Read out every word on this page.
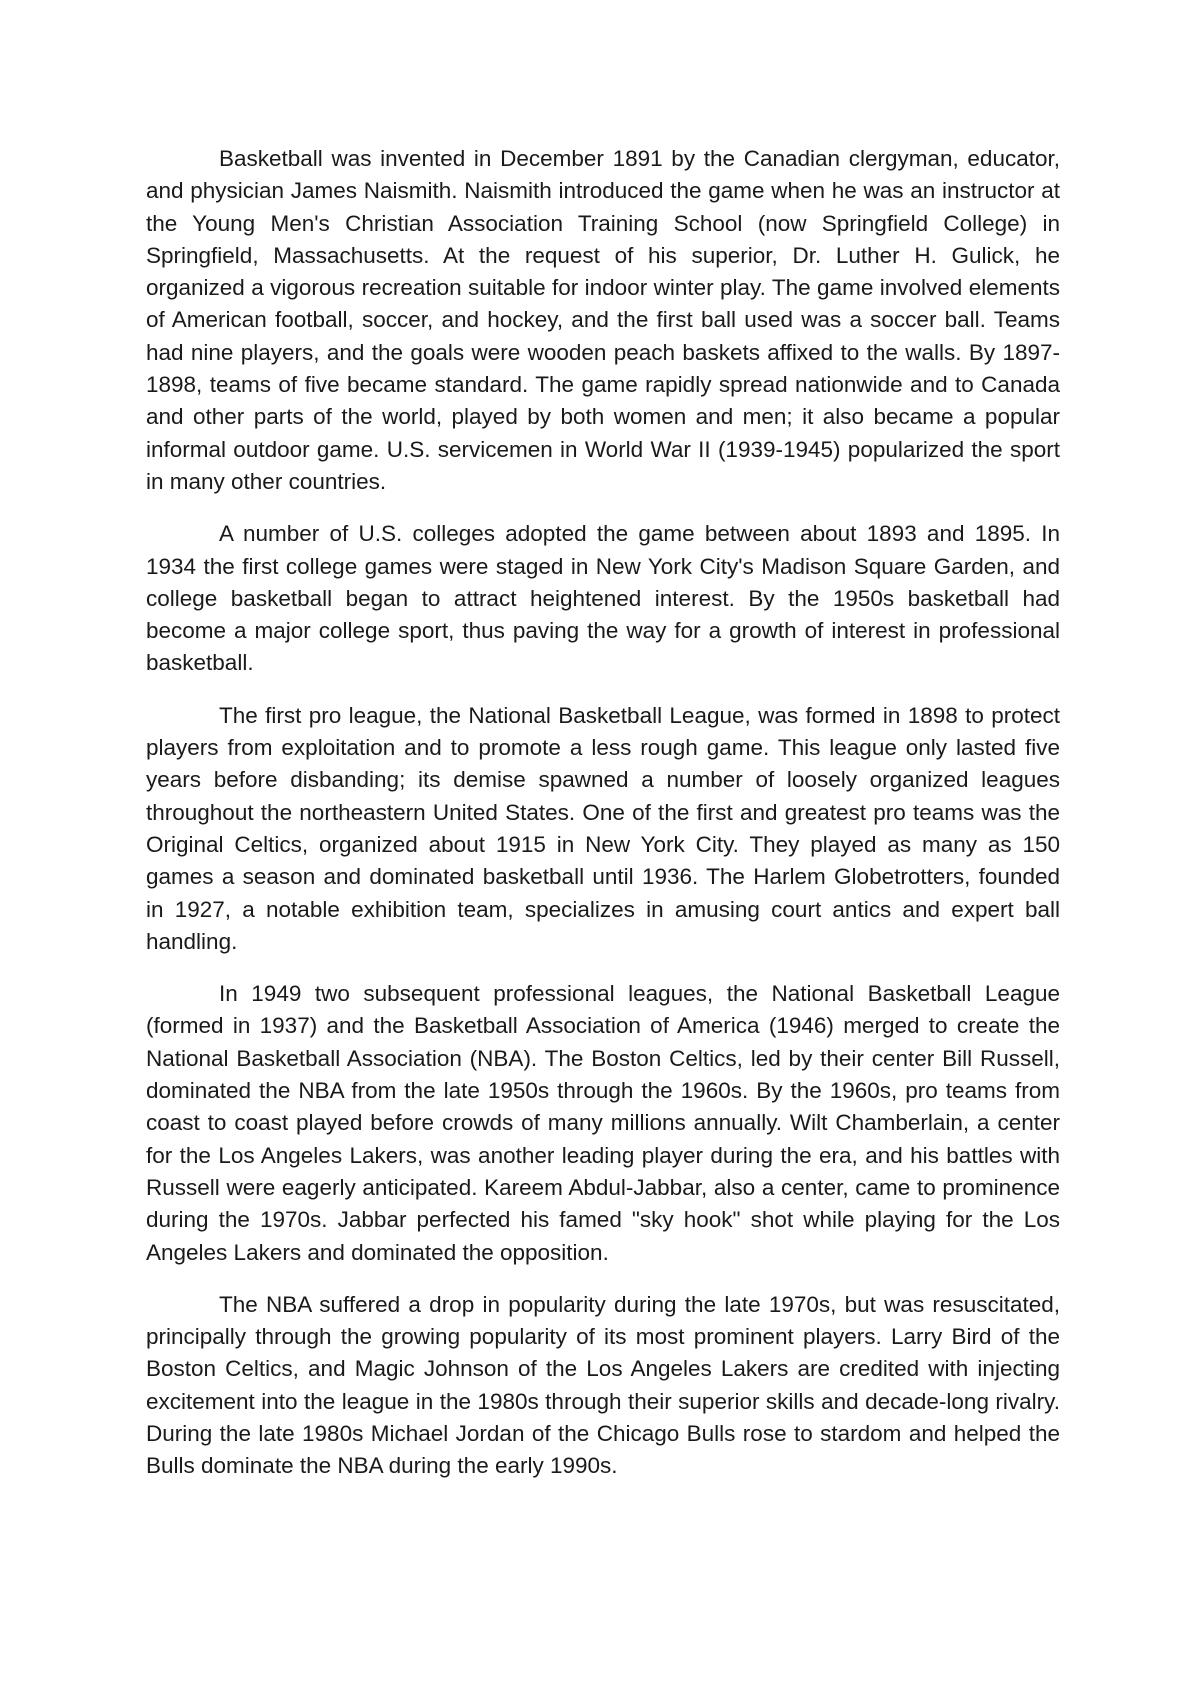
Basketball was invented in December 1891 by the Canadian clergyman, educator, and physician James Naismith. Naismith introduced the game when he was an instructor at the Young Men's Christian Association Training School (now Springfield College) in Springfield, Massachusetts. At the request of his superior, Dr. Luther H. Gulick, he organized a vigorous recreation suitable for indoor winter play. The game involved elements of American football, soccer, and hockey, and the first ball used was a soccer ball. Teams had nine players, and the goals were wooden peach baskets affixed to the walls. By 1897-1898, teams of five became standard. The game rapidly spread nationwide and to Canada and other parts of the world, played by both women and men; it also became a popular informal outdoor game. U.S. servicemen in World War II (1939-1945) popularized the sport in many other countries.

A number of U.S. colleges adopted the game between about 1893 and 1895. In 1934 the first college games were staged in New York City's Madison Square Garden, and college basketball began to attract heightened interest. By the 1950s basketball had become a major college sport, thus paving the way for a growth of interest in professional basketball.

The first pro league, the National Basketball League, was formed in 1898 to protect players from exploitation and to promote a less rough game. This league only lasted five years before disbanding; its demise spawned a number of loosely organized leagues throughout the northeastern United States. One of the first and greatest pro teams was the Original Celtics, organized about 1915 in New York City. They played as many as 150 games a season and dominated basketball until 1936. The Harlem Globetrotters, founded in 1927, a notable exhibition team, specializes in amusing court antics and expert ball handling.

In 1949 two subsequent professional leagues, the National Basketball League (formed in 1937) and the Basketball Association of America (1946) merged to create the National Basketball Association (NBA). The Boston Celtics, led by their center Bill Russell, dominated the NBA from the late 1950s through the 1960s. By the 1960s, pro teams from coast to coast played before crowds of many millions annually. Wilt Chamberlain, a center for the Los Angeles Lakers, was another leading player during the era, and his battles with Russell were eagerly anticipated. Kareem Abdul-Jabbar, also a center, came to prominence during the 1970s. Jabbar perfected his famed "sky hook" shot while playing for the Los Angeles Lakers and dominated the opposition.

The NBA suffered a drop in popularity during the late 1970s, but was resuscitated, principally through the growing popularity of its most prominent players. Larry Bird of the Boston Celtics, and Magic Johnson of the Los Angeles Lakers are credited with injecting excitement into the league in the 1980s through their superior skills and decade-long rivalry. During the late 1980s Michael Jordan of the Chicago Bulls rose to stardom and helped the Bulls dominate the NBA during the early 1990s.
